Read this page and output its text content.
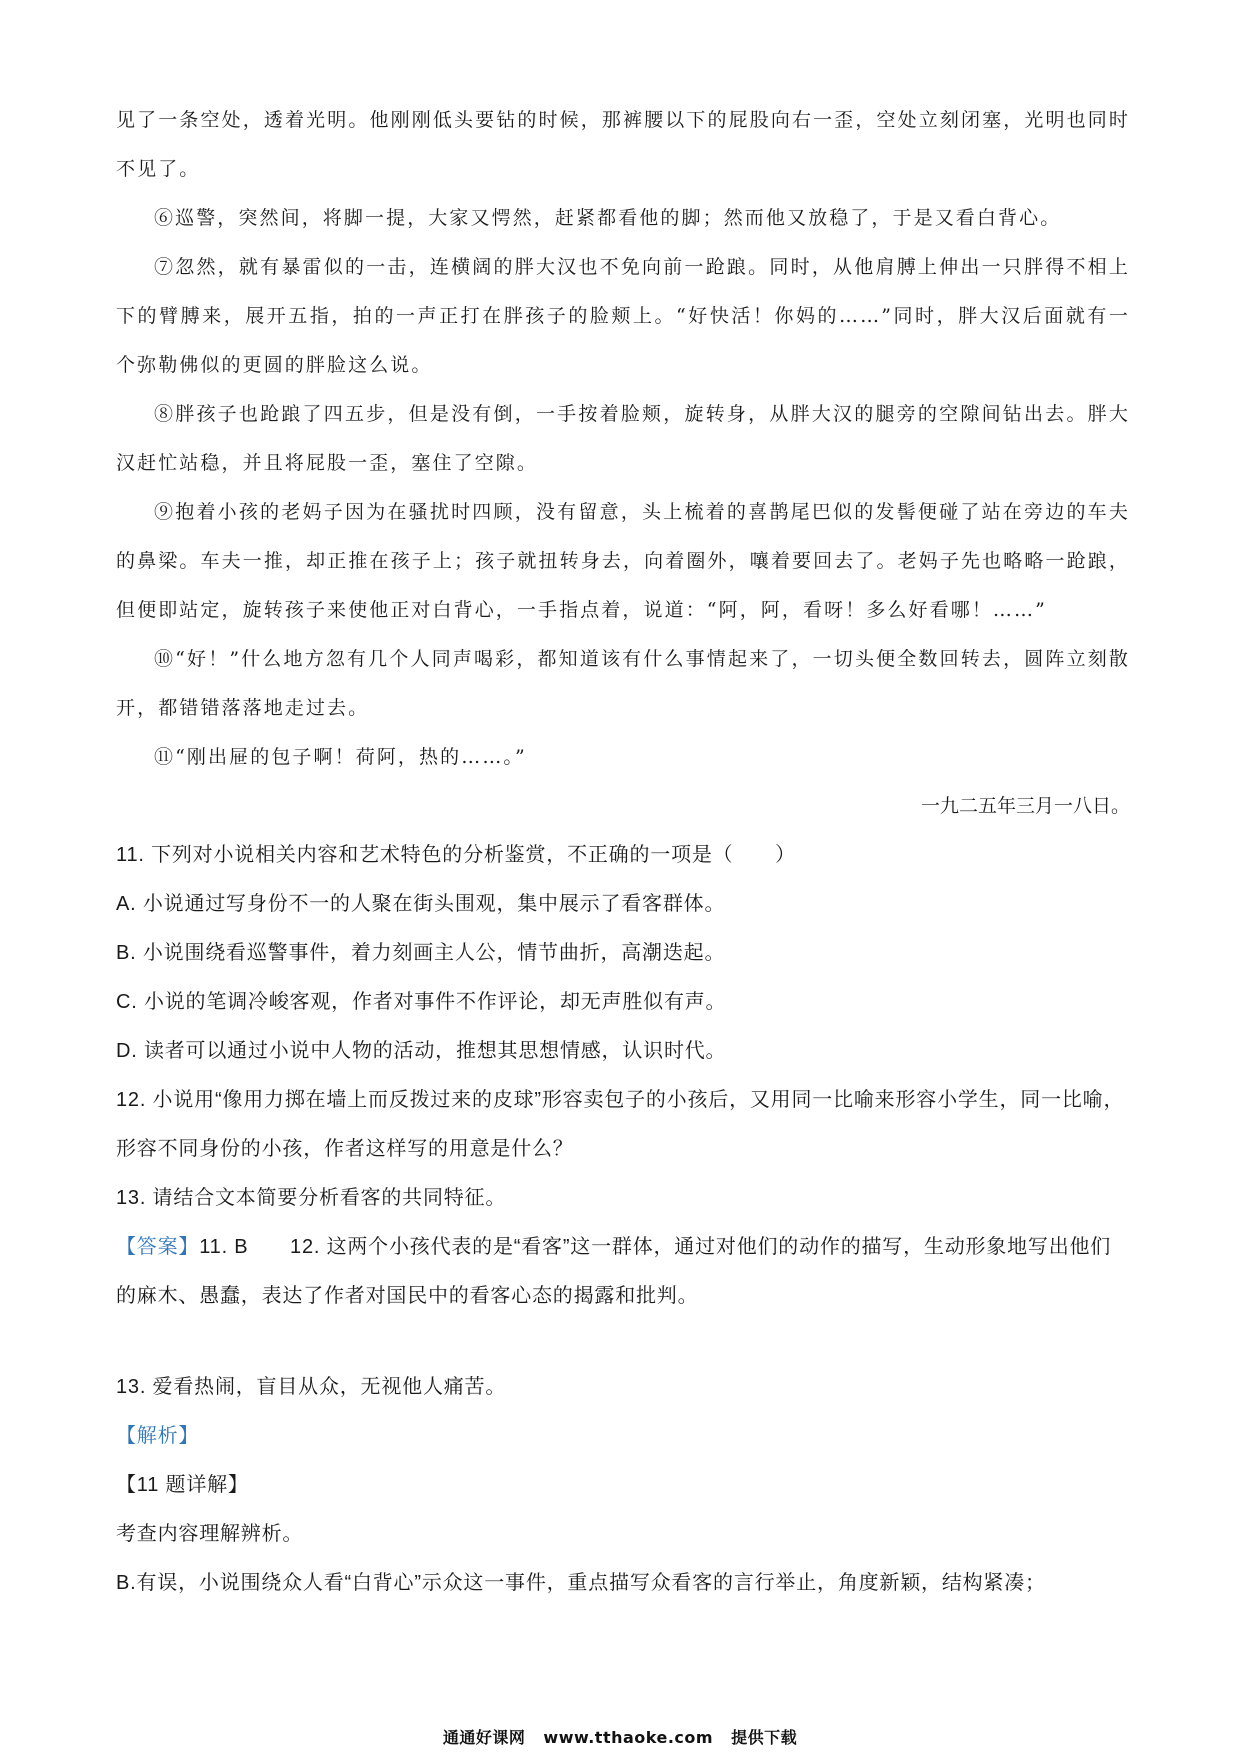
见了一条空处，透着光明。他刚刚低头要钻的时候，那裤腰以下的屁股向右一歪，空处立刻闭塞，光明也同时不见了。

⑥巡警，突然间，将脚一提，大家又愕然，赶紧都看他的脚；然而他又放稳了，于是又看白背心。

⑦忽然，就有暴雷似的一击，连横阔的胖大汉也不免向前一跄踉。同时，从他肩膊上伸出一只胖得不相上下的臂膊来，展开五指，拍的一声正打在胖孩子的脸颊上。“好快活！你妈的……”同时，胖大汉后面就有一个弥勒佛似的更圆的胖脸这么说。

⑧胖孩子也跄踉了四五步，但是没有倒，一手按着脸颊，旋转身，从胖大汉的腿旁的空隙间钻出去。胖大汉赶忙站稳，并且将屁股一歪，塞住了空隙。

⑨抱着小孩的老妈子因为在骚扰时四顾，没有留意，头上梳着的喜鹊尾巴似的发髻便碰了站在旁边的车夫的鼻梁。车夫一推，却正推在孩子上；孩子就扭转身去，向着圈外，嚷着要回去了。老妈子先也略略一跄踉，但便即站定，旋转孩子来使他正对白背心，一手指点着，说道：“阿，阿，看呀！多么好看哪！……”

⑩“好！”什么地方忽有几个人同声喝彩，都知道该有什么事情起来了，一切头便全数回转去，圆阵立刻散开，都错错落落地走过去。

⑪“刚出屉的包子啊！荷阿，热的……。”

一九二五年三月一八日。

11. 下列对小说相关内容和艺术特色的分析鉴赏，不正确的一项是（　　）

A. 小说通过写身份不一的人聚在街头围观，集中展示了看客群体。

B. 小说围绕看巡警事件，着力刻画主人公，情节曲折，高潮迭起。

C. 小说的笔调冷峻客观，作者对事件不作评论，却无声胜似有声。

D. 读者可以通过小说中人物的活动，推想其思想情感，认识时代。

12. 小说用“像用力掷在墙上而反拨过来的皮球”形容卖包子的小孩后，又用同一比喻来形容小学生，同一比喻，形容不同身份的小孩，作者这样写的用意是什么？

13. 请结合文本简要分析看客的共同特征。

【答案】11. B　　12. 这两个小孩代表的是“看客”这一群体，通过对他们的动作的描写，生动形象地写出他们的麻木、愚蠢，表达了作者对国民中的看客心态的揭露和批判。

13. 爱看热闹，盲目从众，无视他人痛苦。

【解析】

【11 题详解】

考查内容理解辨析。

B.有误，小说围绕众人看“白背心”示众这一事件，重点描写众看客的言行举止，角度新颖，结构紧凑；

通通好课网 www.tthaoke.com 提供下载
